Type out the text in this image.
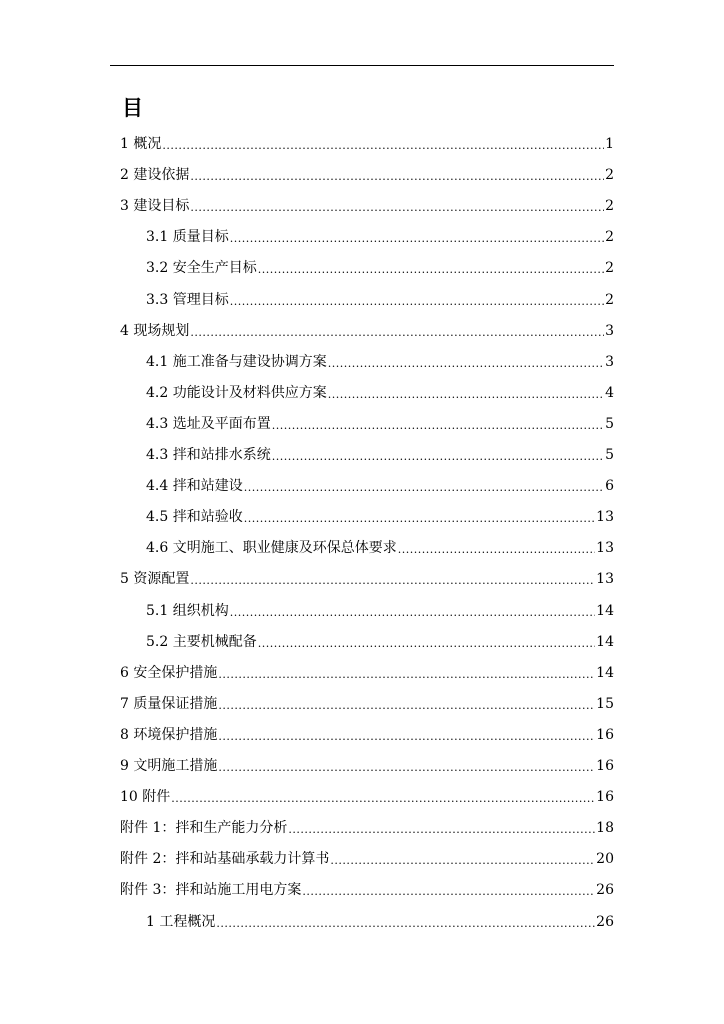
目
1 概况 .....	1
2 建设依据 .....	2
3 建设目标 .....	2
3.1 质量目标 .....	2
3.2 安全生产目标 .....	2
3.3 管理目标 .....	2
4 现场规划 .....	3
4.1 施工准备与建设协调方案 .....	3
4.2 功能设计及材料供应方案 .....	4
4.3 选址及平面布置 .....	5
4.3 拌和站排水系统 .....	5
4.4 拌和站建设 .....	6
4.5 拌和站验收 .....	13
4.6 文明施工、职业健康及环保总体要求 .....	13
5 资源配置 .....	13
5.1 组织机构 .....	14
5.2 主要机械配备 .....	14
6 安全保护措施 .....	14
7 质量保证措施 .....	15
8 环境保护措施 .....	16
9 文明施工措施 .....	16
10 附件 .....	16
附件 1：拌和生产能力分析 .....	18
附件 2：拌和站基础承载力计算书 .....	20
附件 3：拌和站施工用电方案 .....	26
1 工程概况 .....	26
